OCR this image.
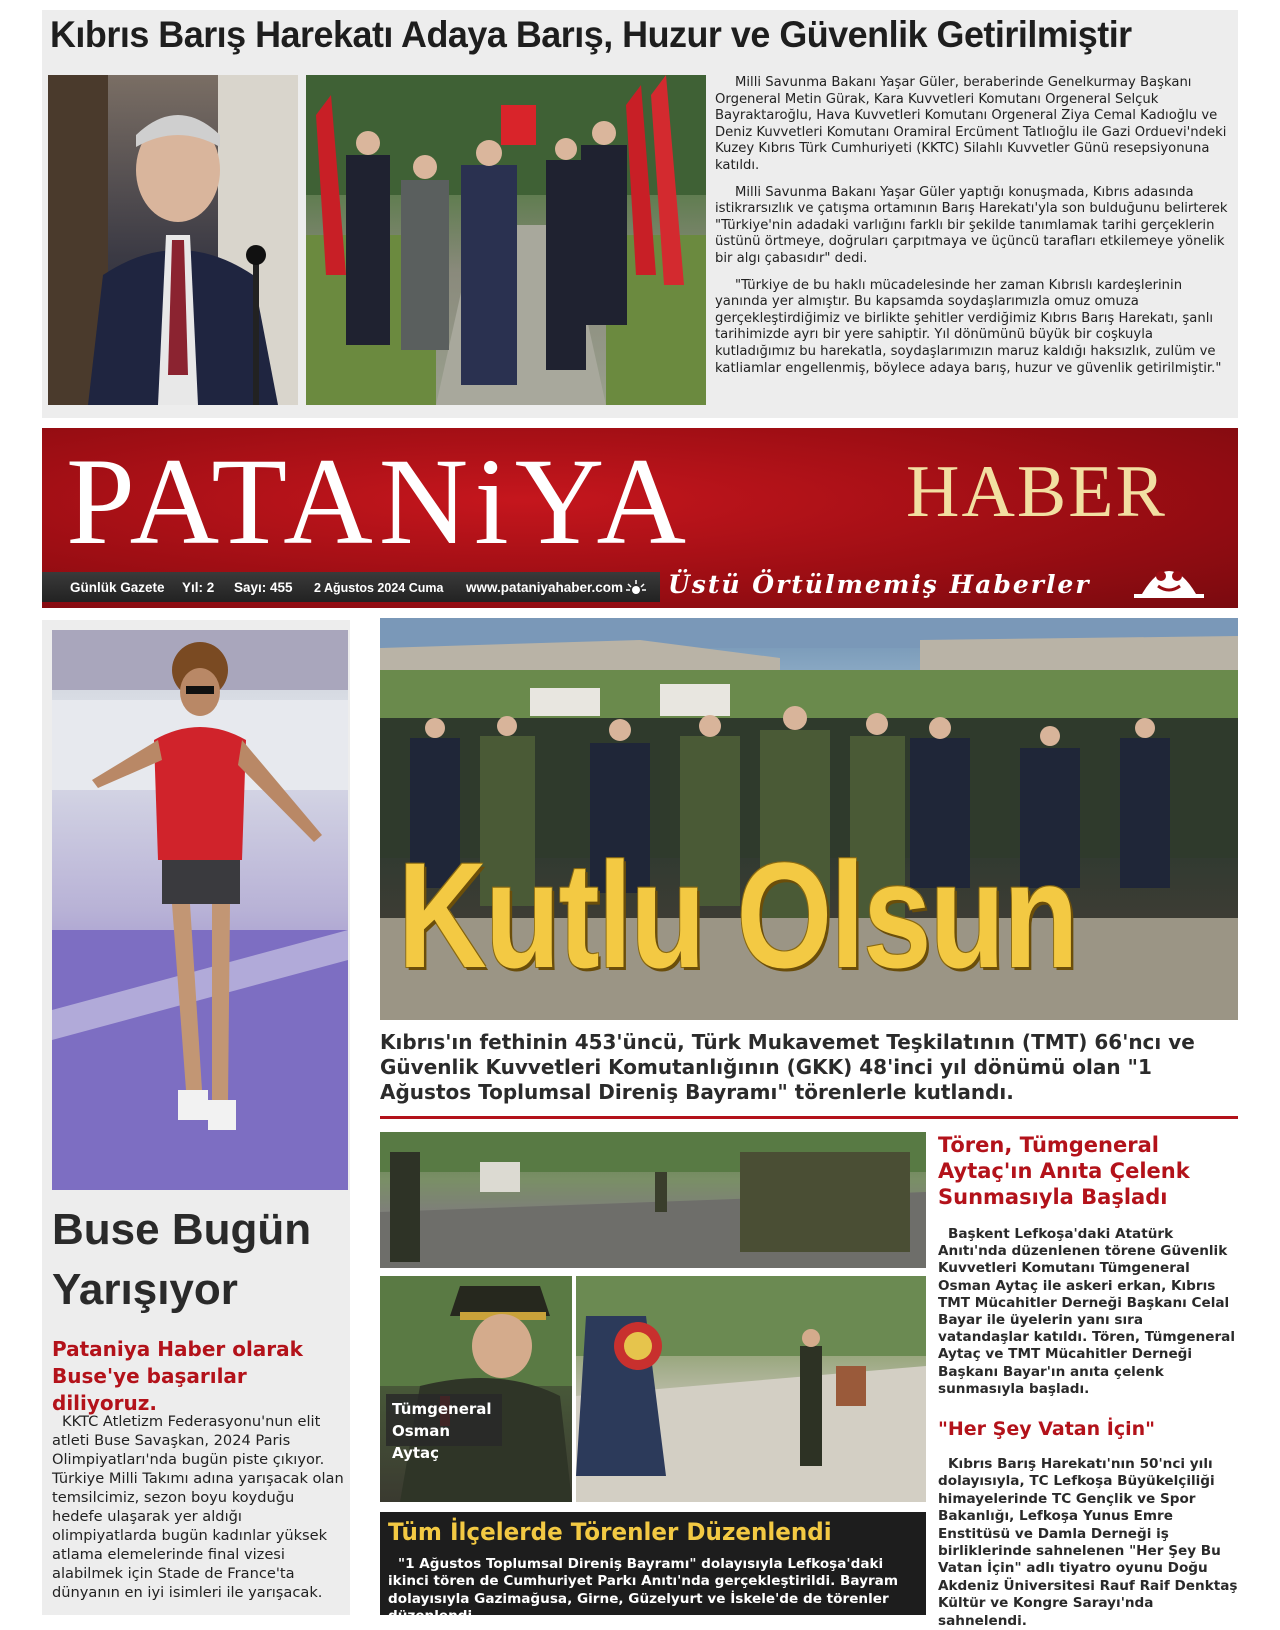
Kıbrıs Barış Harekatı Adaya Barış, Huzur ve Güvenlik Getirilmiştir

Milli Savunma Bakanı Yaşar Güler, beraberinde Genelkurmay Başkanı Orgeneral Metin Gürak, Kara Kuvvetleri Komutanı Orgeneral Selçuk Bayraktaroğlu, Hava Kuvvetleri Komutanı Orgeneral Ziya Cemal Kadıoğlu ve Deniz Kuvvetleri Komutanı Oramiral Ercüment Tatlıoğlu ile Gazi Orduevi'ndeki Kuzey Kıbrıs Türk Cumhuriyeti (KKTC) Silahlı Kuvvetler Günü resepsiyonuna katıldı.

Milli Savunma Bakanı Yaşar Güler yaptığı konuşmada, Kıbrıs adasında istikrarsızlık ve çatışma ortamının Barış Harekatı'yla son bulduğunu belirterek "Türkiye'nin adadaki varlığını farklı bir şekilde tanımlamak tarihi gerçeklerin üstünü örtmeye, doğruları çarpıtmaya ve üçüncü tarafları etkilemeye yönelik bir algı çabasıdır" dedi.

"Türkiye de bu haklı mücadelesinde her zaman Kıbrıslı kardeşlerinin yanında yer almıştır. Bu kapsamda soydaşlarımızla omuz omuza gerçekleştirdiğimiz ve birlikte şehitler verdiğimiz Kıbrıs Barış Harekatı, şanlı tarihimizde ayrı bir yere sahiptir. Yıl dönümünü büyük bir coşkuyla kutladığımız bu harekatla, soydaşlarımızın maruz kaldığı haksızlık, zulüm ve katliamlar engellenmiş, böylece adaya barış, huzur ve güvenlik getirilmiştir."

PATANiYA	HABER
Günlük Gazete	Yıl: 2	Sayı: 455	2 Ağustos 2024 Cuma	www.pataniyahaber.com Üstü Örtülmemiş Haberler
Buse Bugün Yarışıyor
Pataniya Haber olarak Buse'ye başarılar diliyoruz.
KKTC Atletizm Federasyonu'nun elit atleti Buse Savaşkan, 2024 Paris Olimpiyatları'nda bugün piste çıkıyor. Türkiye Milli Takımı adına yarışacak olan temsilcimiz, sezon boyu koyduğu hedefe ulaşarak yer aldığı olimpiyatlarda bugün kadınlar yüksek atlama elemelerinde final vizesi alabilmek için Stade de France'ta dünyanın en iyi isimleri ile yarışacak.
Kutlu Olsun
Kıbrıs'ın fethinin 453'üncü, Türk Mukavemet Teşkilatının (TMT) 66'ncı ve Güvenlik Kuvvetleri Komutanlığının (GKK) 48'inci yıl dönümü olan "1 Ağustos Toplumsal Direniş Bayramı" törenlerle kutlandı.
Tümgeneral Osman Aytaç
Tören, Tümgeneral Aytaç'ın Anıta Çelenk Sunmasıyla Başladı
Başkent Lefkoşa'daki Atatürk Anıtı'nda düzenlenen törene Güvenlik Kuvvetleri Komutanı Tümgeneral Osman Aytaç ile askeri erkan, Kıbrıs TMT Mücahitler Derneği Başkanı Celal Bayar ile üyelerin yanı sıra vatandaşlar katıldı. Tören, Tümgeneral Aytaç ve TMT Mücahitler Derneği Başkanı Bayar'ın anıta çelenk sunmasıyla başladı.
"Her Şey Vatan İçin"
Kıbrıs Barış Harekatı'nın 50'nci yılı dolayısıyla, TC Lefkoşa Büyükelçiliği himayelerinde TC Gençlik ve Spor Bakanlığı, Lefkoşa Yunus Emre Enstitüsü ve Damla Derneği iş birliklerinde sahnelenen "Her Şey Bu Vatan İçin" adlı tiyatro oyunu Doğu Akdeniz Üniversitesi Rauf Raif Denktaş Kültür ve Kongre Sarayı'nda sahnelendi.
Tüm İlçelerde Törenler Düzenlendi
"1 Ağustos Toplumsal Direniş Bayramı" dolayısıyla Lefkoşa'daki ikinci tören de Cumhuriyet Parkı Anıtı'nda gerçekleştirildi. Bayram dolayısıyla Gazimağusa, Girne, Güzelyurt ve İskele'de de törenler düzenlendi.
